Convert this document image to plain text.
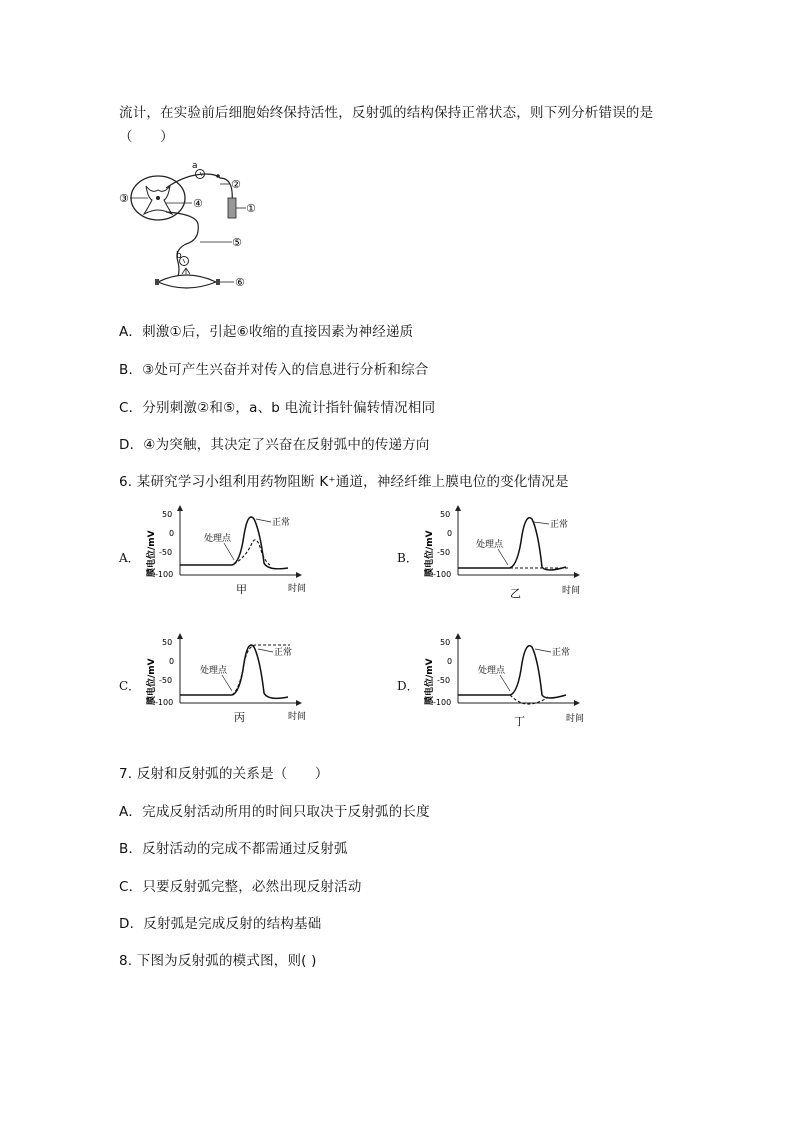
流计，在实验前后细胞始终保持活性，反射弧的结构保持正常状态，则下列分析错误的是
（　　）
③
a
①
②
④
⑤
b
⑥
A．刺激①后，引起⑥收缩的直接因素为神经递质
B．③处可产生兴奋并对传入的信息进行分析和综合
C．分别刺激②和⑤，a、b 电流计指针偏转情况相同
D．④为突触，其决定了兴奋在反射弧中的传递方向
6. 某研究学习小组利用药物阻断 K⁺通道，神经纤维上膜电位的变化情况是
A． 膜电位/mV
50
0
-50
-100
处理点
正常
甲	时间
B． 膜电位/mV
50
0
-50
-100
处理点
正常
乙	时间
C． 膜电位/mV
50
0
-50
-100
处理点
正常
丙	时间
D． 膜电位/mV
50
0
-50
-100
处理点
正常
丁	时间
7. 反射和反射弧的关系是（　　）
A．完成反射活动所用的时间只取决于反射弧的长度
B．反射活动的完成不都需通过反射弧
C．只要反射弧完整，必然出现反射活动
D．反射弧是完成反射的结构基础
8. 下图为反射弧的模式图，则( )
